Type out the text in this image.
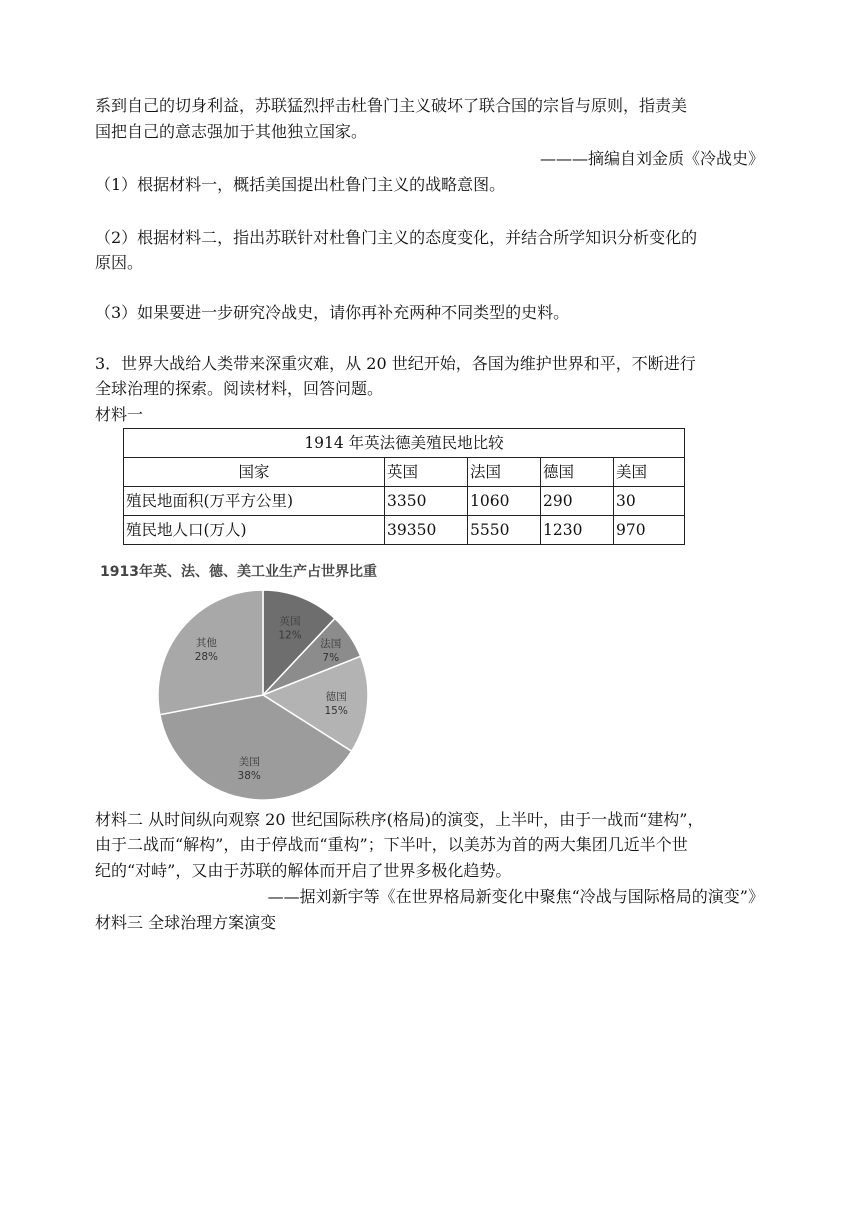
系到自己的切身利益，苏联猛烈抨击杜鲁门主义破坏了联合国的宗旨与原则，指责美
国把自己的意志强加于其他独立国家。
———摘编自刘金质《冷战史》
（1）根据材料一，概括美国提出杜鲁门主义的战略意图。
（2）根据材料二，指出苏联针对杜鲁门主义的态度变化，并结合所学知识分析变化的
原因。
（3）如果要进一步研究冷战史，请你再补充两种不同类型的史料。
3．世界大战给人类带来深重灾难，从 20 世纪开始，各国为维护世界和平，不断进行
全球治理的探索。阅读材料，回答问题。
材料一
1914 年英法德美殖民地比较				
国家	英国	法国	德国	美国
殖民地面积(万平方公里)	3350	1060	290	30
殖民地人口(万人)	39350	5550	1230	970
1913年英、法、德、美工业生产占世界比重
英国
12%
法国
7%
德国
15%
美国
38%
其他
28%
材料二 从时间纵向观察 20 世纪国际秩序(格局)的演变，上半叶，由于一战而“建构”，
由于二战而“解构”，由于停战而“重构”；下半叶，以美苏为首的两大集团几近半个世
纪的“对峙”，又由于苏联的解体而开启了世界多极化趋势。
——据刘新宇等《在世界格局新变化中聚焦“冷战与国际格局的演变”》
材料三 全球治理方案演变
